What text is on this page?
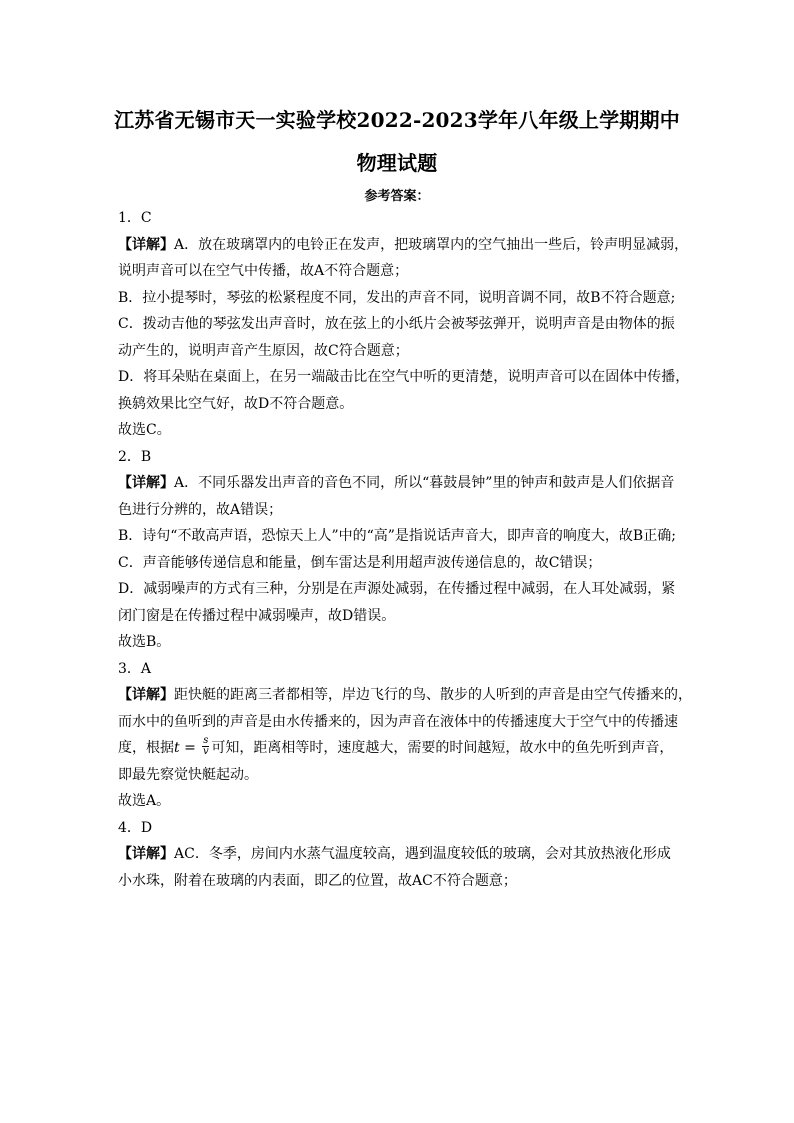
江苏省无锡市天一实验学校2022-2023学年八年级上学期期中
物理试题
参考答案：
1．C
【详解】A．放在玻璃罩内的电铃正在发声，把玻璃罩内的空气抽出一些后，铃声明显减弱，
说明声音可以在空气中传播，故A不符合题意；
B．拉小提琴时，琴弦的松紧程度不同，发出的声音不同，说明音调不同，故B不符合题意;
C．拨动吉他的琴弦发出声音时，放在弦上的小纸片会被琴弦弹开，说明声音是由物体的振
动产生的，说明声音产生原因，故C符合题意；
D．将耳朵贴在桌面上，在另一端敲击比在空气中听的更清楚，说明声音可以在固体中传播，
换鸫效果比空气好，故D不符合题意。
故选C。
2．B
【详解】A．不同乐器发出声音的音色不同，所以“暮鼓晨钟”里的钟声和鼓声是人们依据音
色进行分辨的，故A错误；
B．诗句“不敢高声语，恐惊天上人”中的“高”是指说话声音大，即声音的响度大，故B正确;
C．声音能够传递信息和能量，倒车雷达是利用超声波传递信息的，故C错误；
D．减弱噪声的方式有三种，分别是在声源处减弱，在传播过程中减弱，在人耳处减弱，紧
闭门窗是在传播过程中减弱噪声，故D错误。
故选B。
3．A
【详解】距快艇的距离三者都相等，岸边飞行的鸟、散步的人听到的声音是由空气传播来的，
而水中的鱼听到的声音是由水传播来的，因为声音在液体中的传播速度大于空气中的传播速
度，根据$t = \frac{s}{v}$ 可知，距离相等时，速度越大，需要的时间越短，故水中的鱼先听到声音，
即最先察觉快艇起动。
故选A。
4．D
【详解】AC．冬季，房间内水蒸气温度较高，遇到温度较低的玻璃，会对其放热液化形成
小水珠，附着在玻璃的内表面，即乙的位置，故AC不符合题意；
